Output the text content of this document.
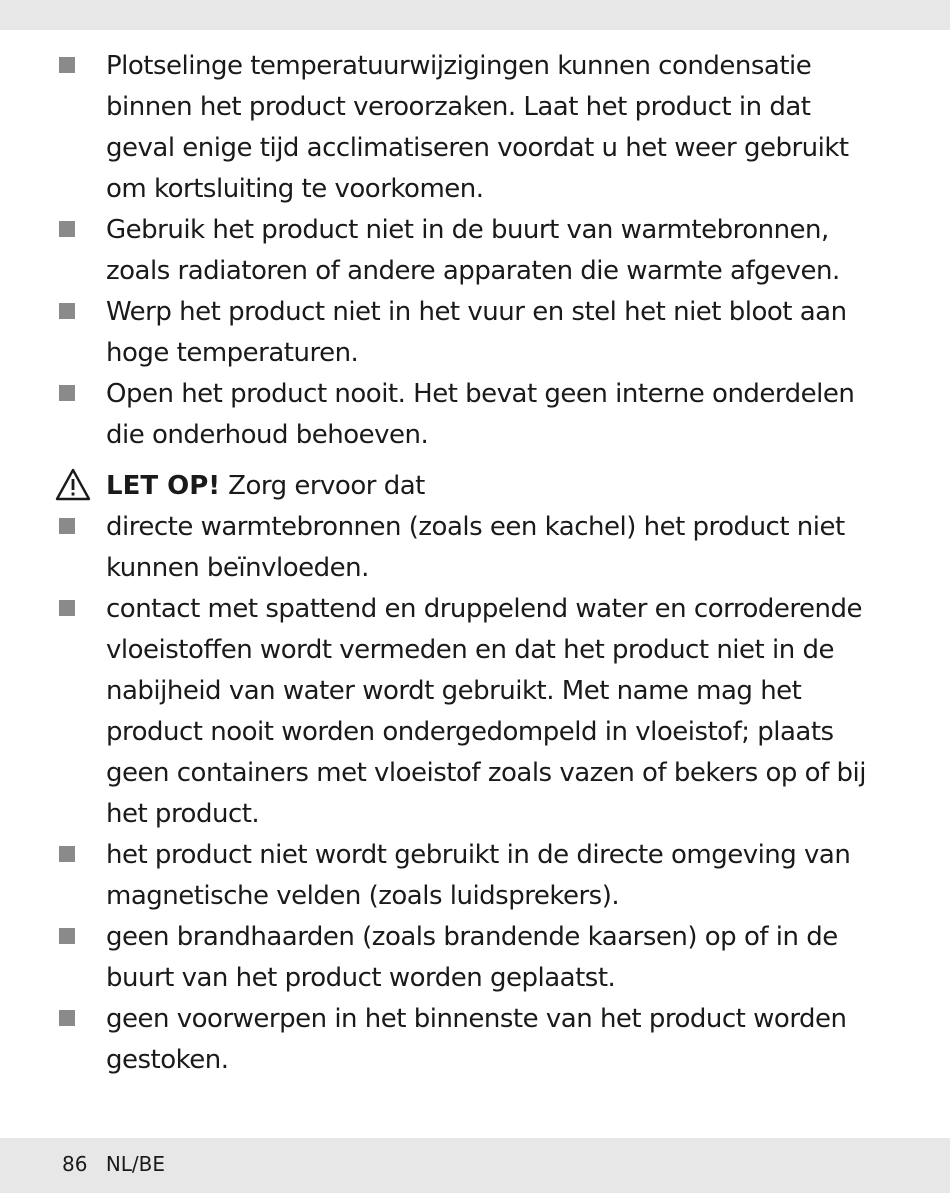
Plotselinge temperatuurwijzigingen kunnen condensatie binnen het product veroorzaken. Laat het product in dat geval enige tijd acclimatiseren voordat u het weer gebruikt om kortsluiting te voorkomen.
Gebruik het product niet in de buurt van warmtebronnen, zoals radiatoren of andere apparaten die warmte afgeven.
Werp het product niet in het vuur en stel het niet bloot aan hoge temperaturen.
Open het product nooit. Het bevat geen interne onderdelen die onderhoud behoeven.
LET OP! Zorg ervoor dat
directe warmtebronnen (zoals een kachel) het product niet kunnen beïnvloeden.
contact met spattend en druppelend water en corroderende vloeistoffen wordt vermeden en dat het product niet in de nabijheid van water wordt gebruikt. Met name mag het product nooit worden ondergedompeld in vloeistof; plaats geen containers met vloeistof zoals vazen of bekers op of bij het product.
het product niet wordt gebruikt in de directe omgeving van magnetische velden (zoals luidsprekers).
geen brandhaarden (zoals brandende kaarsen) op of in de buurt van het product worden geplaatst.
geen voorwerpen in het binnenste van het product worden gestoken.
86 NL/BE
